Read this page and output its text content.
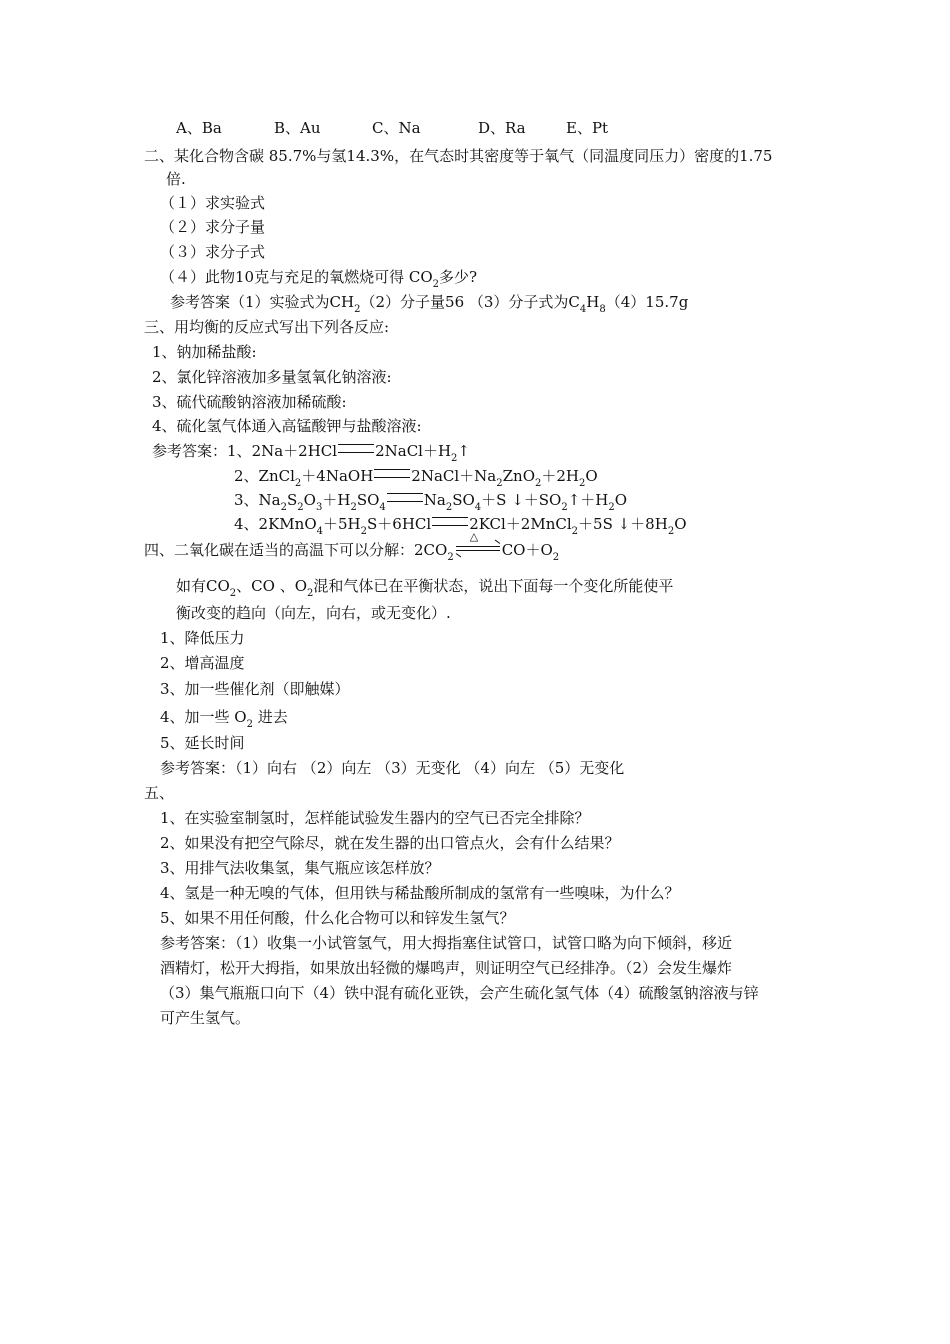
A、Ba	B、Au	C、Na	D、Ra	E、Pt
二、某化合物含碳 85.7%与氢14.3%，在气态时其密度等于氧气（同温度同压力）密度的1.75
倍.
（１）求实验式
（２）求分子量
（３）求分子式
（４）此物10克与充足的氧燃烧可得 $CO_2$多少?
参考答案（1）实验式为$CH_2(2)$分子量56 （3）分子式为$C_4H_8(4)15.7g$
三、用均衡的反应式写出下列各反应:
1、钠加稀盐酸:
2、氯化锌溶液加多量氢氧化钠溶液:
3、硫代硫酸钠溶液加稀硫酸:
4、硫化氢气体通入高锰酸钾与盐酸溶液:
参考答案：1、2Na＋2HCl	$2NaCl+H_2↑$
2、ZnCl$_2$＋4NaOH	$2NaCl+Na_2ZnO_2+2H_2O$
3、$Na_2S_2O_3+H_2SO_4$	$Na_2SO_4+S$ $↓+SO_2↑+H_2O$
4、$2KMnO_4+5H_2S+6HCl$	2KCl＋2MnCl$_2$＋5S $↓+8H_2O$
四、二氧化碳在适当的高温下可以分解：$2CO_2$
△
$CO+O_2$
如有$CO_2$、CO 、$O_2$混和气体已在平衡状态，说出下面每一个变化所能使平
衡改变的趋向（向左，向右，或无变化）.
1、降低压力
2、增高温度
3、加一些催化剂（即触媒）
4、加一些 $O_2$ 进去
5、延长时间
参考答案：（1）向右 （2）向左 （3）无变化 （4）向左 （5）无变化
五、
1、在实验室制氢时，怎样能试验发生器内的空气已否完全排除？
2、如果没有把空气除尽，就在发生器的出口管点火，会有什么结果？
3、用排气法收集氢，集气瓶应该怎样放？
4、氢是一种无嗅的气体，但用铁与稀盐酸所制成的氢常有一些嗅味，为什么？
5、如果不用任何酸，什么化合物可以和锌发生氢气？
参考答案：（1）收集一小试管氢气，用大拇指塞住试管口，试管口略为向下倾斜，移近
酒精灯，松开大拇指，如果放出轻微的爆鸣声，则证明空气已经排净。（2）会发生爆炸
（3）集气瓶瓶口向下（4）铁中混有硫化亚铁，会产生硫化氢气体（4）硫酸氢钠溶液与锌
可产生氢气。
